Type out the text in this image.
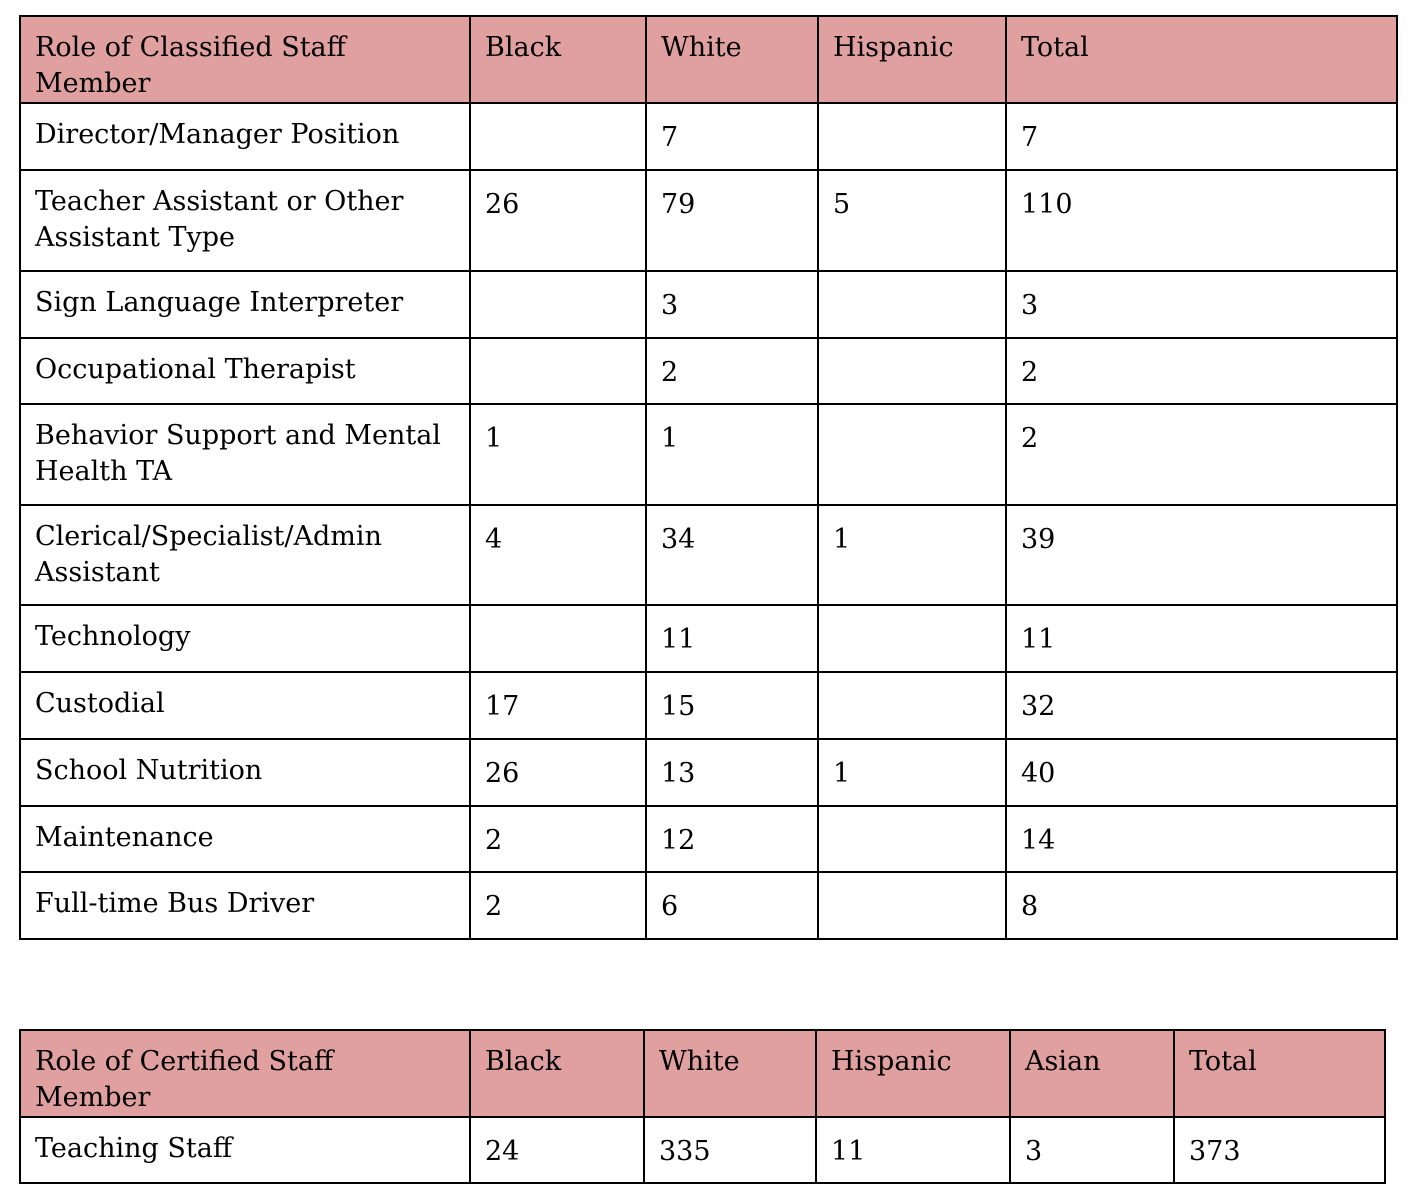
Role of Classified Staff Member	Black	White	Hispanic	Total
Director/Manager Position		7		7
Teacher Assistant or Other Assistant Type	26	79	5	110
Sign Language Interpreter		3		3
Occupational Therapist		2		2
Behavior Support and Mental Health TA	1	1		2
Clerical/Specialist/Admin Assistant	4	34	1	39
Technology		11		11
Custodial	17	15		32
School Nutrition	26	13	1	40
Maintenance	2	12		14
Full-time Bus Driver	2	6		8
Role of Certified Staff Member	Black	White	Hispanic	Asian	Total
Teaching Staff	24	335	11	3	373
